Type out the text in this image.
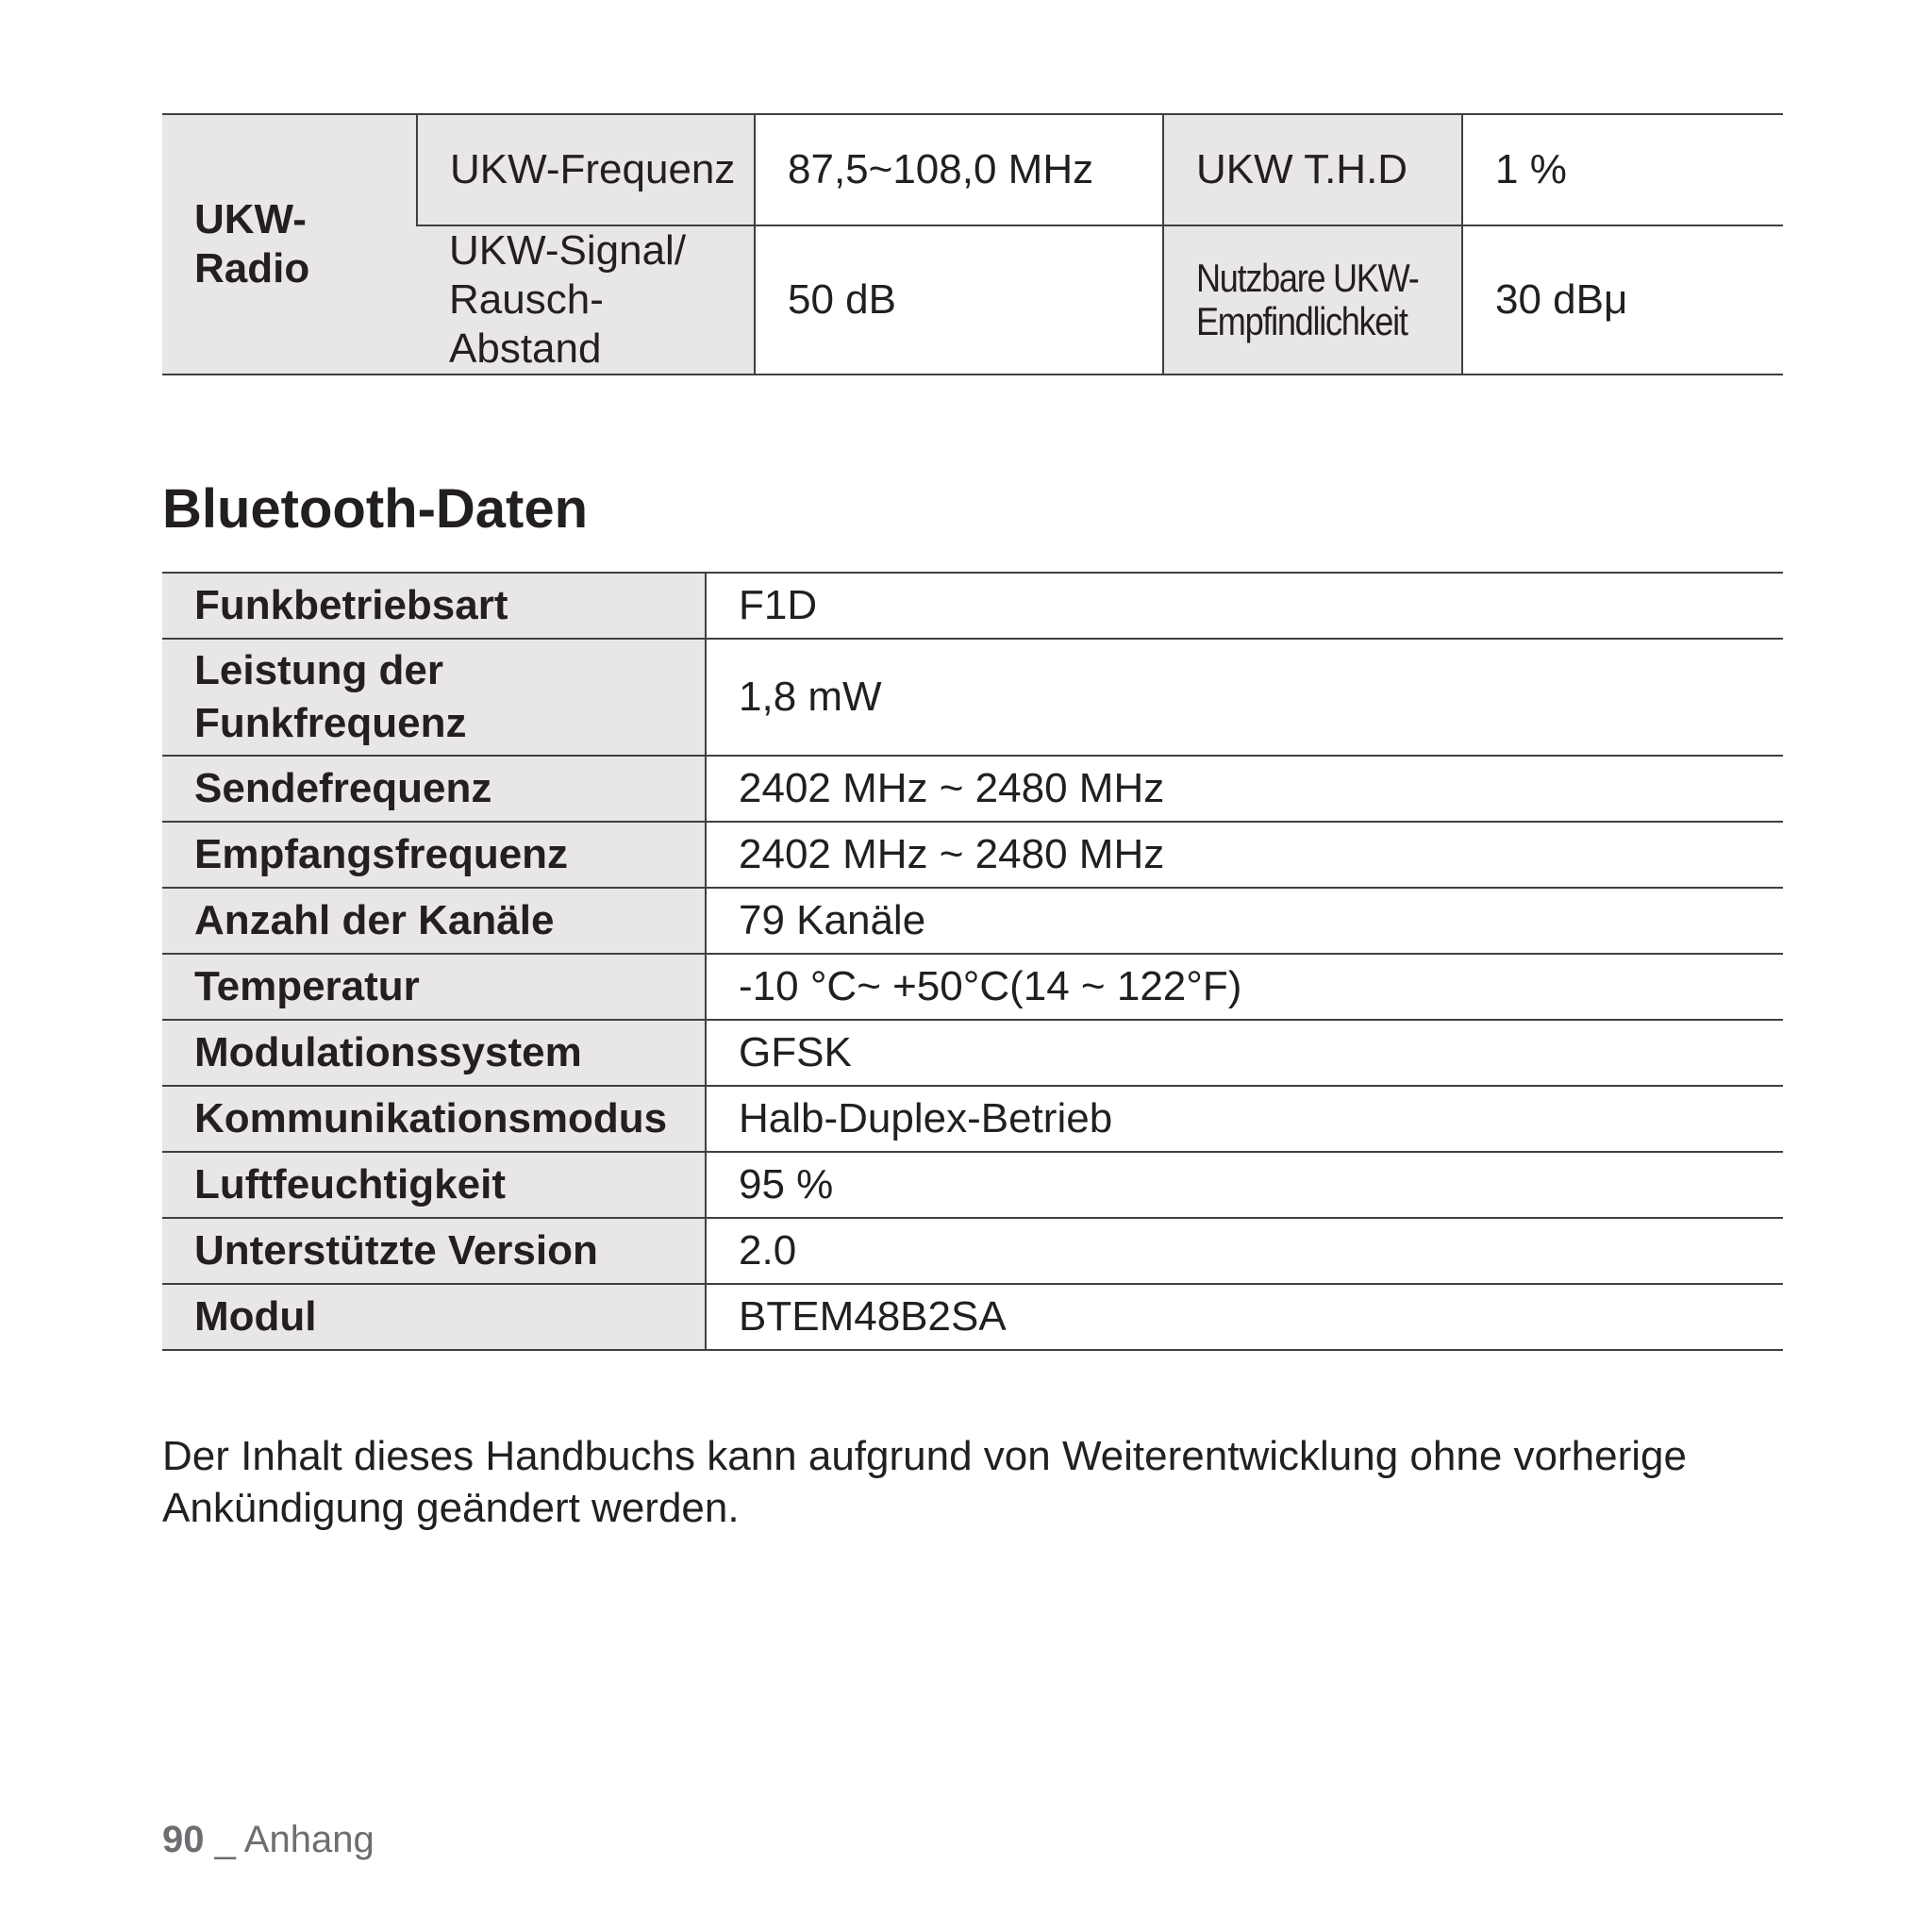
UKW-Radio	UKW-Frequenz	87,5~108,0 MHz	UKW T.H.D	1 %
	UKW-Signal/ Rausch-Abstand	50 dB	Nutzbare UKW-Empfindlichkeit	30 dBμ
Bluetooth-Daten
Funkbetriebsart	F1D
Leistung der Funkfrequenz	1,8 mW
Sendefrequenz	2402 MHz ~ 2480 MHz
Empfangsfrequenz	2402 MHz ~ 2480 MHz
Anzahl der Kanäle	79 Kanäle
Temperatur	-10 °C~ +50°C(14 ~ 122°F)
Modulationssystem	GFSK
Kommunikationsmodus	Halb-Duplex-Betrieb
Luftfeuchtigkeit	95 %
Unterstützte Version	2.0
Modul	BTEM48B2SA
Der Inhalt dieses Handbuchs kann aufgrund von Weiterentwicklung ohne vorherige Ankündigung geändert werden.
90 _ Anhang
